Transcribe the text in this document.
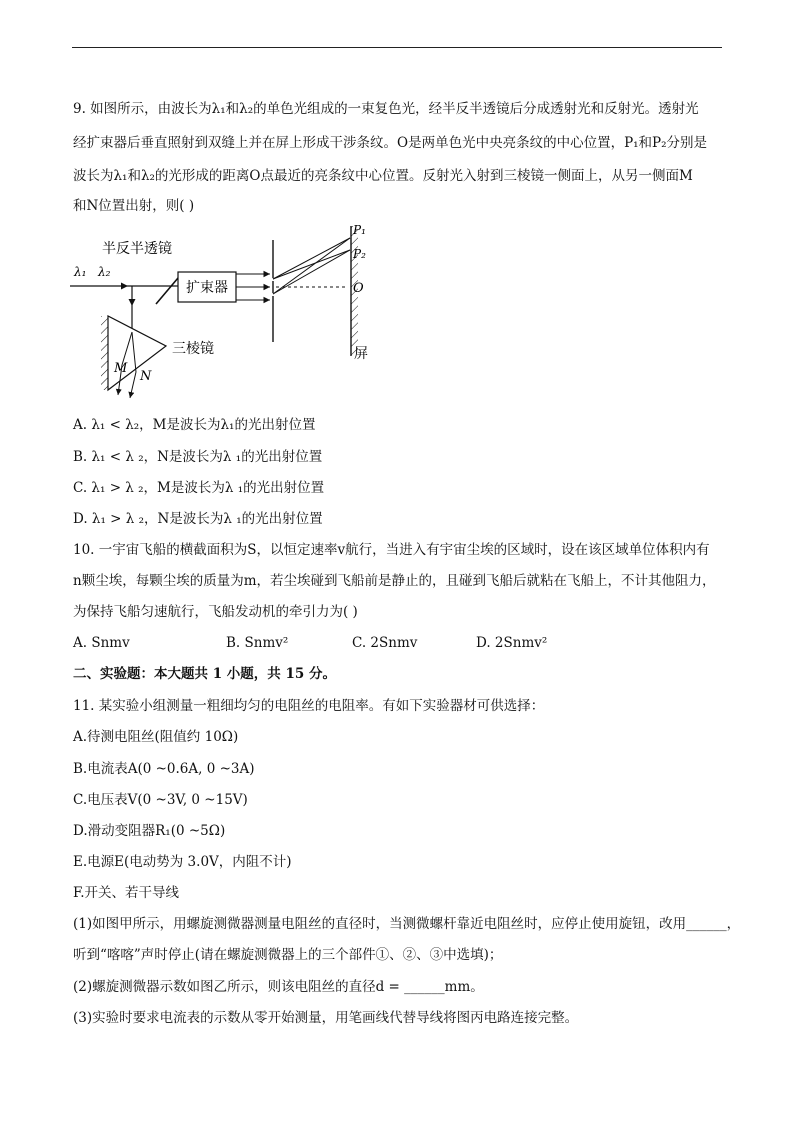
9. 如图所示，由波长为λ₁和λ₂的单色光组成的一束复色光，经半反半透镜后分成透射光和反射光。透射光
经扩束器后垂直照射到双缝上并在屏上形成干涉条纹。O是两单色光中央亮条纹的中心位置，P₁和P₂分别是
波长为λ₁和λ₂的光形成的距离O点最近的亮条纹中心位置。反射光入射到三棱镜一侧面上，从另一侧面M
和N位置出射，则( )
半反半透镜
λ₁ λ₂
扩束器
P₁
P₂
O
屏
三棱镜
M
N
A. λ₁ < λ₂，M是波长为λ₁的光出射位置
B. λ₁ < λ ₂，N是波长为λ ₁的光出射位置
C. λ₁ > λ ₂，M是波长为λ ₁的光出射位置
D. λ₁ > λ ₂，N是波长为λ ₁的光出射位置
10. 一宇宙飞船的横截面积为S，以恒定速率v航行，当进入有宇宙尘埃的区域时，设在该区域单位体积内有
n颗尘埃，每颗尘埃的质量为m，若尘埃碰到飞船前是静止的，且碰到飞船后就粘在飞船上，不计其他阻力，
为保持飞船匀速航行，飞船发动机的牵引力为( )
A. Snmv	B. Snmv²	C. 2Snmv	D. 2Snmv²
二、实验题：本大题共 1 小题，共 15 分。
11. 某实验小组测量一粗细均匀的电阻丝的电阻率。有如下实验器材可供选择：
A.待测电阻丝(阻值约 10Ω)
B.电流表A(0 ~0.6A, 0 ~3A)
C.电压表V(0 ~3V, 0 ~15V)
D.滑动变阻器R₁(0 ~5Ω)
E.电源E(电动势为 3.0V，内阻不计)
F.开关、若干导线
(1)如图甲所示，用螺旋测微器测量电阻丝的直径时，当测微螺杆靠近电阻丝时，应停止使用旋钮，改用______，
听到“喀喀”声时停止(请在螺旋测微器上的三个部件①、②、③中选填)；
(2)螺旋测微器示数如图乙所示，则该电阻丝的直径d = ______mm。
(3)实验时要求电流表的示数从零开始测量，用笔画线代替导线将图丙电路连接完整。
